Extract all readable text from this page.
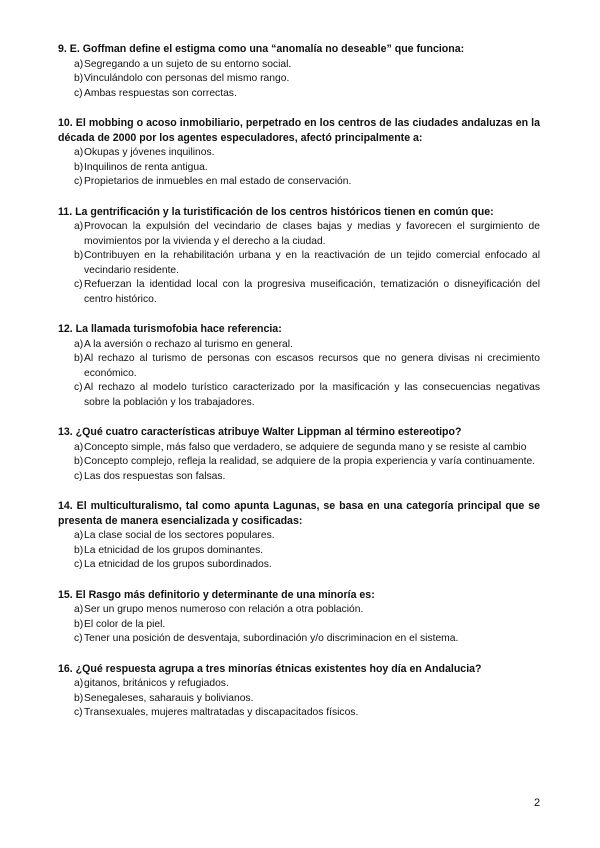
9. E. Goffman define el estigma como una “anomalía no deseable” que funciona:

a) Segregando a un sujeto de su entorno social.
b) Vinculándolo con personas del mismo rango.
c) Ambas respuestas son correctas.

10. El mobbing o acoso inmobiliario, perpetrado en los centros de las ciudades andaluzas en la década de 2000 por los agentes especuladores, afectó principalmente a:

a) Okupas y jóvenes inquilinos.
b) Inquilinos de renta antigua.
c) Propietarios de inmuebles en mal estado de conservación.

11. La gentrificación y la turistificación de los centros históricos tienen en común que:

a) Provocan la expulsión del vecindario de clases bajas y medias y favorecen el surgimiento de movimientos por la vivienda y el derecho a la ciudad.
b) Contribuyen en la rehabilitación urbana y en la reactivación de un tejido comercial enfocado al vecindario residente.
c) Refuerzan la identidad local con la progresiva museificación, tematización o disneyificación del centro histórico.

12. La llamada turismofobia hace referencia:

a) A la aversión o rechazo al turismo en general.
b) Al rechazo al turismo de personas con escasos recursos que no genera divisas ni crecimiento económico.
c) Al rechazo al modelo turístico caracterizado por la masificación y las consecuencias negativas sobre la población y los trabajadores.

13. ¿Qué cuatro características atribuye Walter Lippman al término estereotipo?

a) Concepto simple, más falso que verdadero, se adquiere de segunda mano y se resiste al cambio
b) Concepto complejo, refleja la realidad, se adquiere de la propia experiencia y varía continuamente.
c) Las dos respuestas son falsas.

14. El multiculturalismo, tal como apunta Lagunas, se basa en una categoría principal que se presenta de manera esencializada y cosificadas:

a) La clase social de los sectores populares.
b) La etnicidad de los grupos dominantes.
c) La etnicidad de los grupos subordinados.

15. El Rasgo más definitorio y determinante de una minoría es:

a) Ser un grupo menos numeroso con relación a otra población.
b) El color de la piel.
c) Tener una posición de desventaja, subordinación y/o discriminacion en el sistema.

16. ¿Qué respuesta agrupa a tres minorías étnicas existentes hoy día en Andalucia?

a) gitanos, británicos y refugiados.
b) Senegaleses, saharauis y bolivianos.
c) Transexuales, mujeres maltratadas y discapacitados físicos.
2
